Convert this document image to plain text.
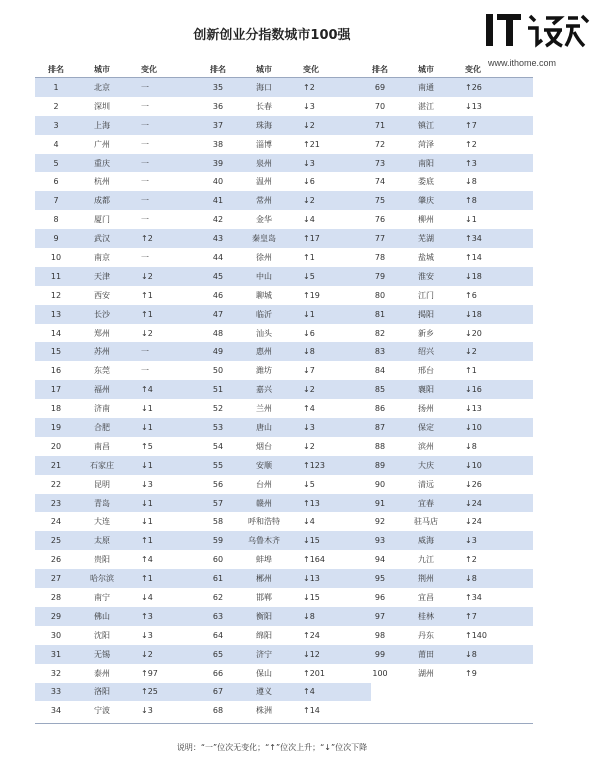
www.ithome.com
创新创业分指数城市100强
排名	城市	变化
1	北京	一
2	深圳	一
3	上海	一
4	广州	一
5	重庆	一
6	杭州	一
7	成都	一
8	厦门	一
9	武汉	↑2
10	南京	一
11	天津	↓2
12	西安	↑1
13	长沙	↑1
14	郑州	↓2
15	苏州	一
16	东莞	一
17	福州	↑4
18	济南	↓1
19	合肥	↓1
20	南昌	↑5
21	石家庄	↓1
22	昆明	↓3
23	青岛	↓1
24	大连	↓1
25	太原	↑1
26	贵阳	↑4
27	哈尔滨	↑1
28	南宁	↓4
29	佛山	↑3
30	沈阳	↓3
31	无锡	↓2
32	泰州	↑97
33	洛阳	↑25
34	宁波	↓3
排名	城市	变化
35	海口	↑2
36	长春	↓3
37	珠海	↓2
38	淄博	↑21
39	泉州	↓3
40	温州	↓6
41	常州	↓2
42	金华	↓4
43	秦皇岛	↑17
44	徐州	↑1
45	中山	↓5
46	聊城	↑19
47	临沂	↓1
48	汕头	↓6
49	惠州	↓8
50	潍坊	↓7
51	嘉兴	↓2
52	兰州	↑4
53	唐山	↓3
54	烟台	↓2
55	安顺	↑123
56	台州	↓5
57	赣州	↑13
58	呼和浩特	↓4
59	乌鲁木齐	↓15
60	蚌埠	↑164
61	郴州	↓13
62	邯郸	↓15
63	衡阳	↓8
64	绵阳	↑24
65	济宁	↓12
66	保山	↑201
67	遵义	↑4
68	株洲	↑14
排名	城市	变化
69	南通	↑26
70	湛江	↓13
71	镇江	↑7
72	菏泽	↑2
73	南阳	↑3
74	娄底	↓8
75	肇庆	↑8
76	柳州	↓1
77	芜湖	↑34
78	盐城	↑14
79	淮安	↓18
80	江门	↑6
81	揭阳	↓18
82	新乡	↓20
83	绍兴	↓2
84	邢台	↑1
85	襄阳	↓16
86	扬州	↓13
87	保定	↓10
88	滨州	↓8
89	大庆	↓10
90	清远	↓26
91	宜春	↓24
92	驻马店	↓24
93	威海	↓3
94	九江	↑2
95	荆州	↓8
96	宜昌	↑34
97	桂林	↑7
98	丹东	↑140
99	莆田	↓8
100	湖州	↑9
说明：“一”位次无变化；“↑”位次上升；“↓”位次下降
